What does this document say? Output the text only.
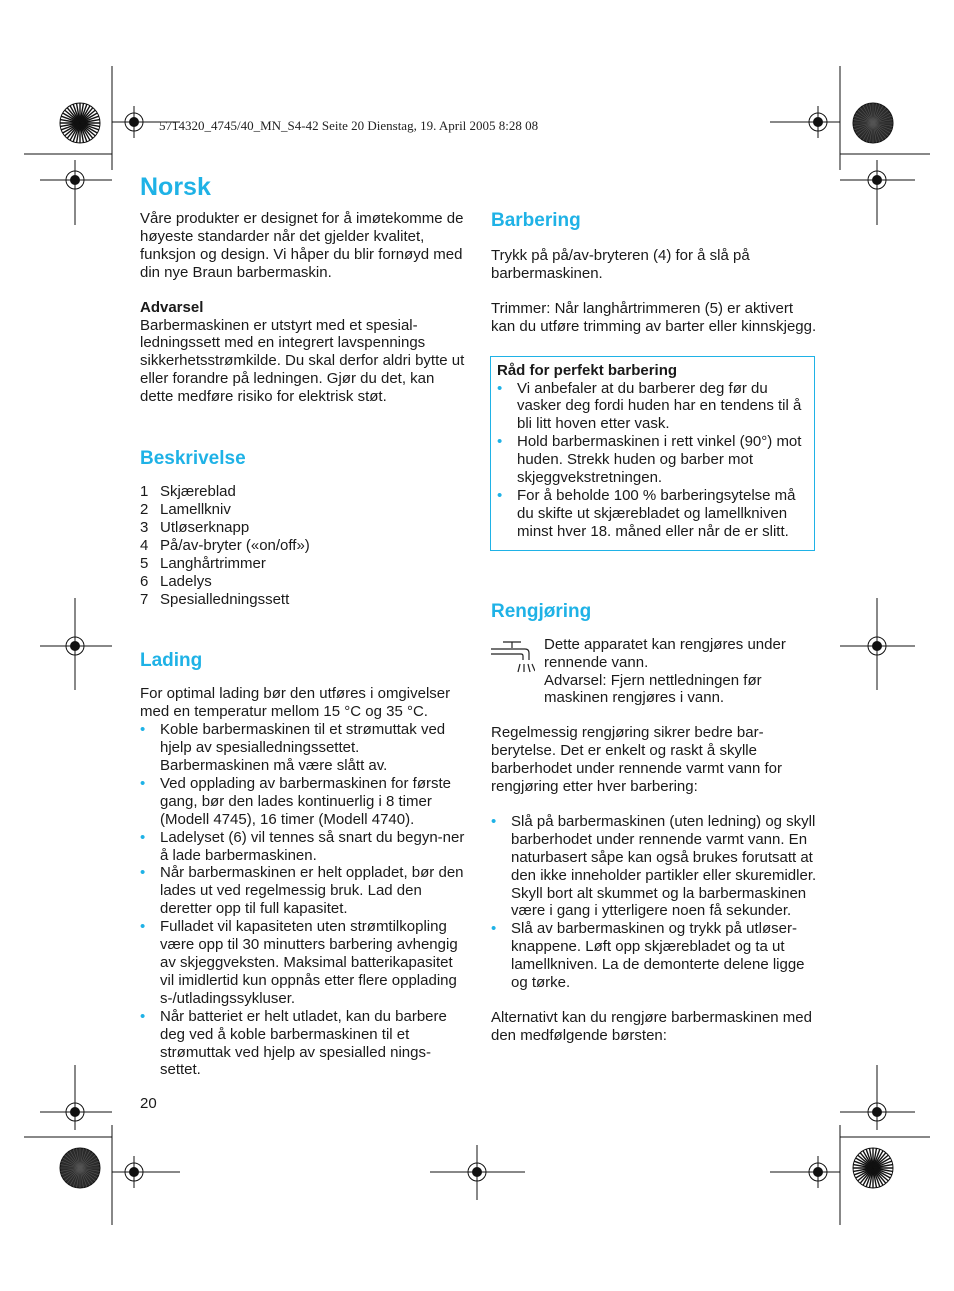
5714320_4745/40_MN_S4-42 Seite 20 Dienstag, 19. April 2005 8:28 08
Norsk

Våre produkter er designet for å imøtekomme de høyeste standarder når det gjelder kvalitet, funksjon og design. Vi håper du blir fornøyd med din nye Braun barbermaskin.

Advarsel

Barbermaskinen er utstyrt med et spesial-ledningssett med en integrert lavspennings sikkerhetsstrømkilde. Du skal derfor aldri bytte ut eller forandre på ledningen. Gjør du det, kan dette medføre risiko for elektrisk støt.

Beskrivelse
1 Skjæreblad
2 Lamellkniv
3 Utløserknapp
4 På/av-bryter («on/off»)
5 Langhårtrimmer
6 Ladelys
7 Spesialledningssett
Lading

For optimal lading bør den utføres i omgivelser med en temperatur mellom 15 °C og 35 °C.

• Koble barbermaskinen til et strømuttak ved hjelp av spesialledningssettet. Barbermaskinen må være slått av.
• Ved opplading av barbermaskinen for første gang, bør den lades kontinuerlig i 8 timer (Modell 4745), 16 timer (Modell 4740).
• Ladelyset (6) vil tennes så snart du begyn-ner å lade barbermaskinen.
• Når barbermaskinen er helt oppladet, bør den lades ut ved regelmessig bruk. Lad den deretter opp til full kapasitet.
• Fulladet vil kapasiteten uten strømtilkopling være opp til 30 minutters barbering avhengig av skjeggveksten. Maksimal batterikapasitet vil imidlertid kun oppnås etter flere opplading s-/utladingssykluser.
• Når batteriet er helt utladet, kan du barbere deg ved å koble barbermaskinen til et strømuttak ved hjelp av spesialled nings-settet.
Barbering

Trykk på på/av-bryteren (4) for å slå på barbermaskinen.

Trimmer: Når langhårtrimmeren (5) er aktivert kan du utføre trimming av barter eller kinnskjegg.

Råd for perfekt barbering

• Vi anbefaler at du barberer deg før du vasker deg fordi huden har en tendens til å bli litt hoven etter vask.
• Hold barbermaskinen i rett vinkel (90°) mot huden. Strekk huden og barber mot skjeggvekstretningen.
• For å beholde 100 % barberingsytelse må du skifte ut skjærebladet og lamellkniven minst hver 18. måned eller når de er slitt.
Rengjøring

Dette apparatet kan rengjøres under rennende vann.
Advarsel: Fjern nettledningen før maskinen rengjøres i vann.

Regelmessig rengjøring sikrer bedre bar-berytelse. Det er enkelt og raskt å skylle barberhodet under rennende varmt vann for rengjøring etter hver barbering:

• Slå på barbermaskinen (uten ledning) og skyll barberhodet under rennende varmt vann. En naturbasert såpe kan også brukes forutsatt at den ikke inneholder partikler eller skuremidler. Skyll bort alt skummet og la barbermaskinen være i gang i ytterligere noen få sekunder.
• Slå av barbermaskinen og trykk på utløser-knappene. Løft opp skjærebladet og ta ut lamellkniven. La de demonterte delene ligge og tørke.

Alternativt kan du rengjøre barbermaskinen med den medfølgende børsten:

20
